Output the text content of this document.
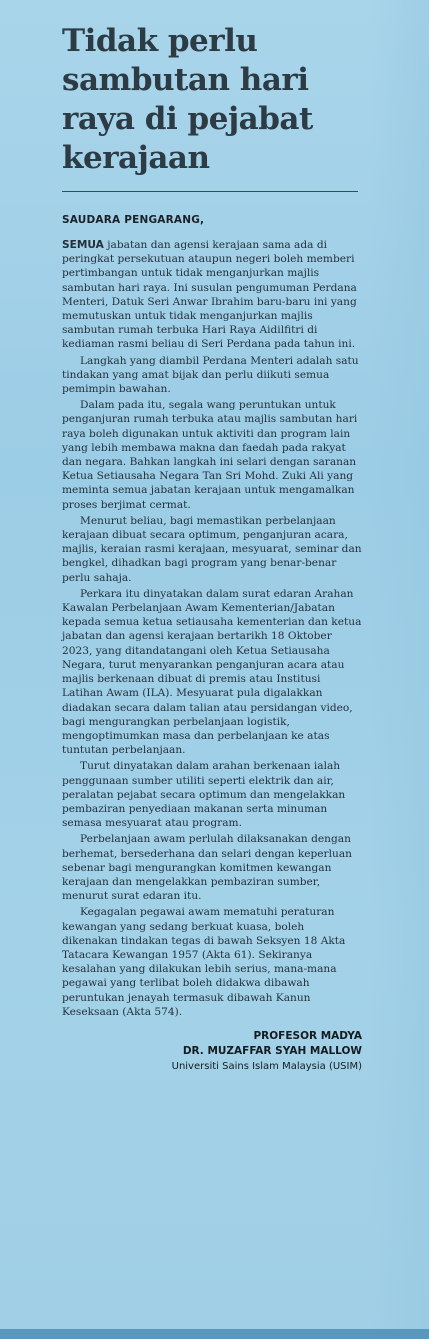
Tidak perlu sambutan hari raya di pejabat kerajaan
SAUDARA PENGARANG,

SEMUA jabatan dan agensi kerajaan sama ada di peringkat persekutuan ataupun negeri boleh memberi pertimbangan untuk tidak menganjurkan majlis sambutan hari raya. Ini susulan pengumuman Perdana Menteri, Datuk Seri Anwar Ibrahim baru-baru ini yang memutuskan untuk tidak menganjurkan majlis sambutan rumah terbuka Hari Raya Aidilfitri di kediaman rasmi beliau di Seri Perdana pada tahun ini.

Langkah yang diambil Perdana Menteri adalah satu tindakan yang amat bijak dan perlu diikuti semua pemimpin bawahan.

Dalam pada itu, segala wang peruntukan untuk penganjuran rumah terbuka atau majlis sambutan hari raya boleh digunakan untuk aktiviti dan program lain yang lebih membawa makna dan faedah pada rakyat dan negara. Bahkan langkah ini selari dengan saranan Ketua Setiausaha Negara Tan Sri Mohd. Zuki Ali yang meminta semua jabatan kerajaan untuk mengamalkan proses berjimat cermat.

Menurut beliau, bagi memastikan perbelanjaan kerajaan dibuat secara optimum, penganjuran acara, majlis, keraian rasmi kerajaan, mesyuarat, seminar dan bengkel, dihadkan bagi program yang benar-benar perlu sahaja.

Perkara itu dinyatakan dalam surat edaran Arahan Kawalan Perbelanjaan Awam Kementerian/Jabatan kepada semua ketua setiausaha kementerian dan ketua jabatan dan agensi kerajaan bertarikh 18 Oktober 2023, yang ditandatangani oleh Ketua Setiausaha Negara, turut menyarankan penganjuran acara atau majlis berkenaan dibuat di premis atau Institusi Latihan Awam (ILA). Mesyuarat pula digalakkan diadakan secara dalam talian atau persidangan video, bagi mengurangkan perbelanjaan logistik, mengoptimumkan masa dan perbelanjaan ke atas tuntutan perbelanjaan.

Turut dinyatakan dalam arahan berkenaan ialah penggunaan sumber utiliti seperti elektrik dan air, peralatan pejabat secara optimum dan mengelakkan pembaziran penyediaan makanan serta minuman semasa mesyuarat atau program.

Perbelanjaan awam perlulah dilaksanakan dengan berhemat, bersederhana dan selari dengan keperluan sebenar bagi mengurangkan komitmen kewangan kerajaan dan mengelakkan pembaziran sumber, menurut surat edaran itu.

Kegagalan pegawai awam mematuhi peraturan kewangan yang sedang berkuat kuasa, boleh dikenakan tindakan tegas di bawah Seksyen 18 Akta Tatacara Kewangan 1957 (Akta 61). Sekiranya kesalahan yang dilakukan lebih serius, mana-mana pegawai yang terlibat boleh didakwa dibawah peruntukan jenayah termasuk dibawah Kanun Keseksaan (Akta 574).

PROFESOR MADYA
DR. MUZAFFAR SYAH MALLOW
Universiti Sains Islam Malaysia (USIM)
